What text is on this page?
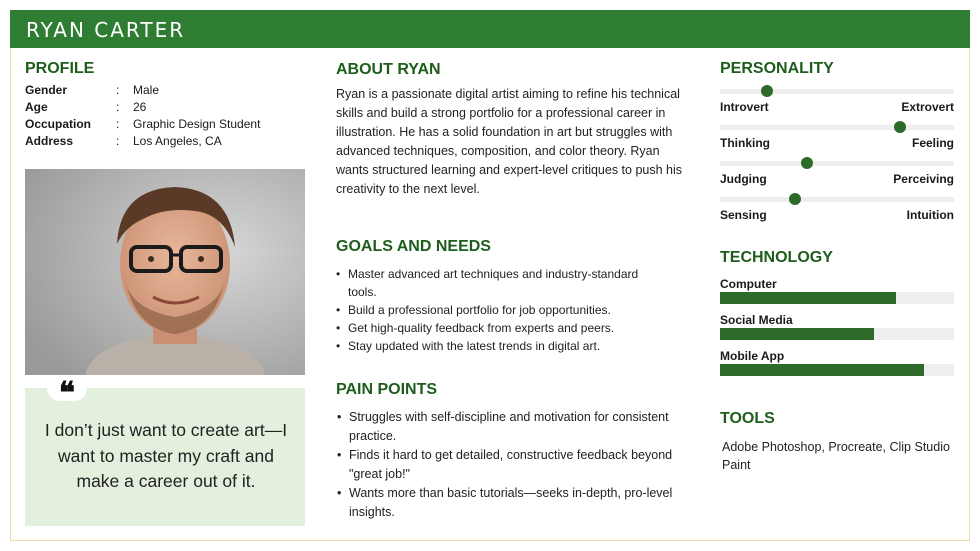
RYAN CARTER
PROFILE
Gender	: Male
Age	: 26
Occupation	: Graphic Design Student
Address	: Los Angeles, CA
❝
I don’t just want to create art—I want to master my craft and make a career out of it.
ABOUT RYAN
Ryan is a passionate digital artist aiming to refine his technical skills and build a strong portfolio for a professional career in illustration. He has a solid foundation in art but struggles with advanced techniques, composition, and color theory. Ryan wants structured learning and expert-level critiques to push his creativity to the next level.
GOALS AND NEEDS
• Master advanced art techniques and industry-standard tools.
• Build a professional portfolio for job opportunities.
• Get high-quality feedback from experts and peers.
• Stay updated with the latest trends in digital art.
PAIN POINTS
• Struggles with self-discipline and motivation for consistent practice.
• Finds it hard to get detailed, constructive feedback beyond "great job!"
• Wants more than basic tutorials—seeks in-depth, pro-level insights.
PERSONALITY
Introvert	Extrovert
Thinking	Feeling
Judging	Perceiving
Sensing	Intuition
TECHNOLOGY
Computer
Social Media
Mobile App
TOOLS
Adobe Photoshop, Procreate, Clip Studio Paint
